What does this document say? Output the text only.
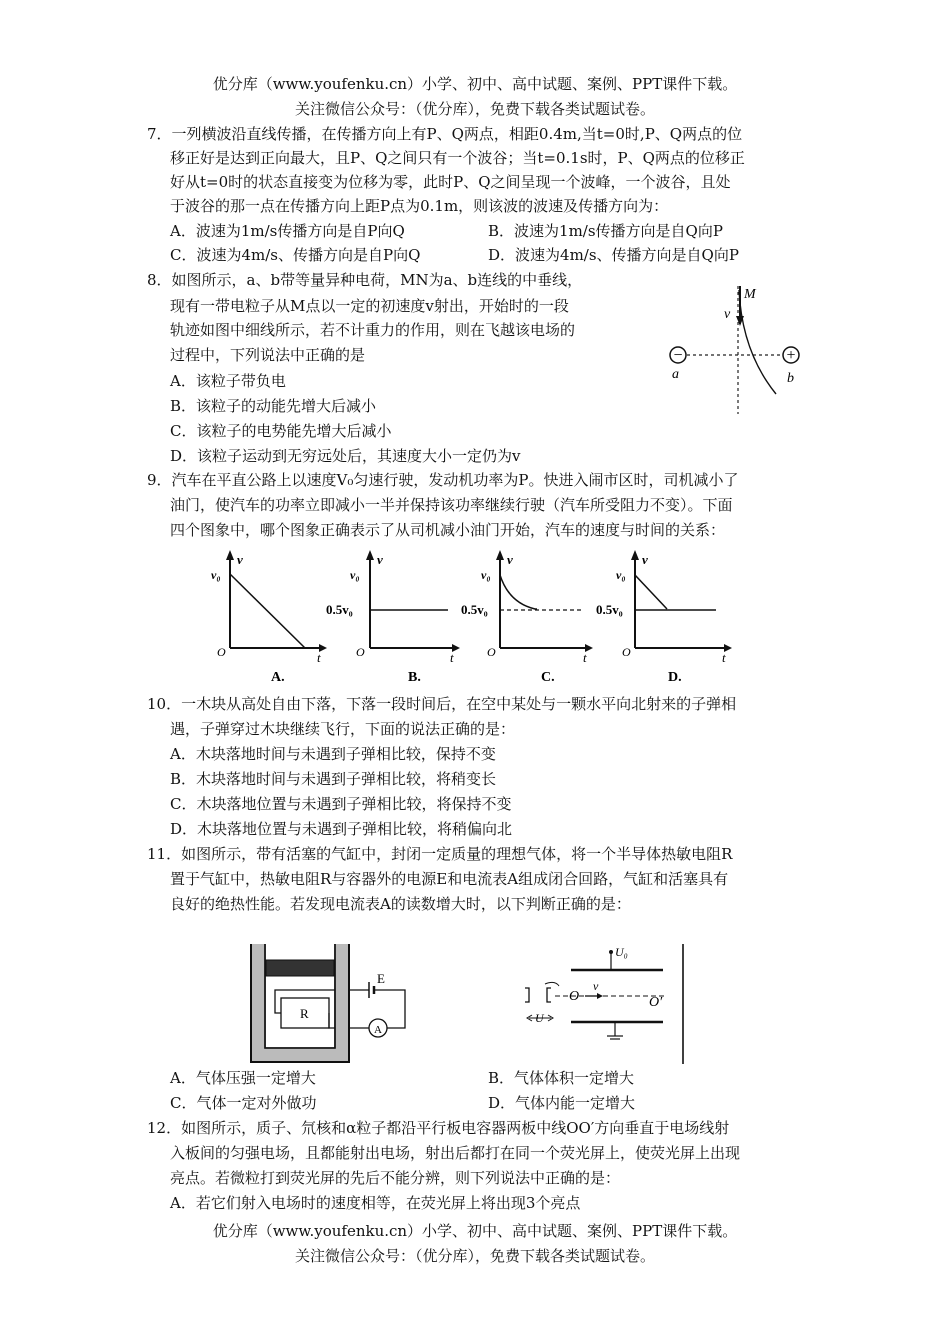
优分库（www.youfenku.cn）小学、初中、高中试题、案例、PPT课件下载。
关注微信公众号：（优分库），免费下载各类试题试卷。
7．一列横波沿直线传播，在传播方向上有P、Q两点，相距0.4m,当t=0时,P、Q两点的位
移正好是达到正向最大，且P、Q之间只有一个波谷；当t=0.1s时，P、Q两点的位移正
好从t=0时的状态直接变为位移为零，此时P、Q之间呈现一个波峰，一个波谷，且处
于波谷的那一点在传播方向上距P点为0.1m，则该波的波速及传播方向为：
A．波速为1m/s传播方向是自P向Q	B．波速为1m/s传播方向是自Q向P
C．波速为4m/s、传播方向是自P向Q	D．波速为4m/s、传播方向是自Q向P
8．如图所示，a、b带等量异种电荷，MN为a、b连线的中垂线，
现有一带电粒子从M点以一定的初速度v射出，开始时的一段
轨迹如图中细线所示，若不计重力的作用，则在飞越该电场的
过程中，下列说法中正确的是
A．该粒子带负电
B．该粒子的动能先增大后减小
C．该粒子的电势能先增大后减小
D．该粒子运动到无穷远处后，其速度大小一定仍为v
−	+
a	b
M
v
9．汽车在平直公路上以速度V₀匀速行驶，发动机功率为P。快进入闹市区时，司机减小了
油门，使汽车的功率立即减小一半并保持该功率继续行驶（汽车所受阻力不变）。下面
四个图象中，哪个图象正确表示了从司机减小油门开始，汽车的速度与时间的关系：
v
v₀
O	t
A.
v
v₀
0.5v₀
O	t
B.
v
v₀
0.5v₀
O	t
C.
v
v₀
0.5v₀
O	t
D.
10．一木块从高处自由下落，下落一段时间后，在空中某处与一颗水平向北射来的子弹相
遇，子弹穿过木块继续飞行，下面的说法正确的是：
A．木块落地时间与未遇到子弹相比较，保持不变
B．木块落地时间与未遇到子弹相比较，将稍变长
C．木块落地位置与未遇到子弹相比较，将保持不变
D．木块落地位置与未遇到子弹相比较，将稍偏向北
11．如图所示，带有活塞的气缸中，封闭一定质量的理想气体，将一个半导体热敏电阻R
置于气缸中，热敏电阻R与容器外的电源E和电流表A组成闭合回路，气缸和活塞具有
良好的绝热性能。若发现电流表A的读数增大时，以下判断正确的是：
R
E
A
U₀
v
O	O′
U
A．气体压强一定增大	B．气体体积一定增大
C．气体一定对外做功	D．气体内能一定增大
12．如图所示，质子、氘核和α粒子都沿平行板电容器两板中线OO′方向垂直于电场线射
入板间的匀强电场，且都能射出电场，射出后都打在同一个荧光屏上，使荧光屏上出现
亮点。若微粒打到荧光屏的先后不能分辨，则下列说法中正确的是：
A．若它们射入电场时的速度相等，在荧光屏上将出现3个亮点
优分库（www.youfenku.cn）小学、初中、高中试题、案例、PPT课件下载。
关注微信公众号：（优分库），免费下载各类试题试卷。
